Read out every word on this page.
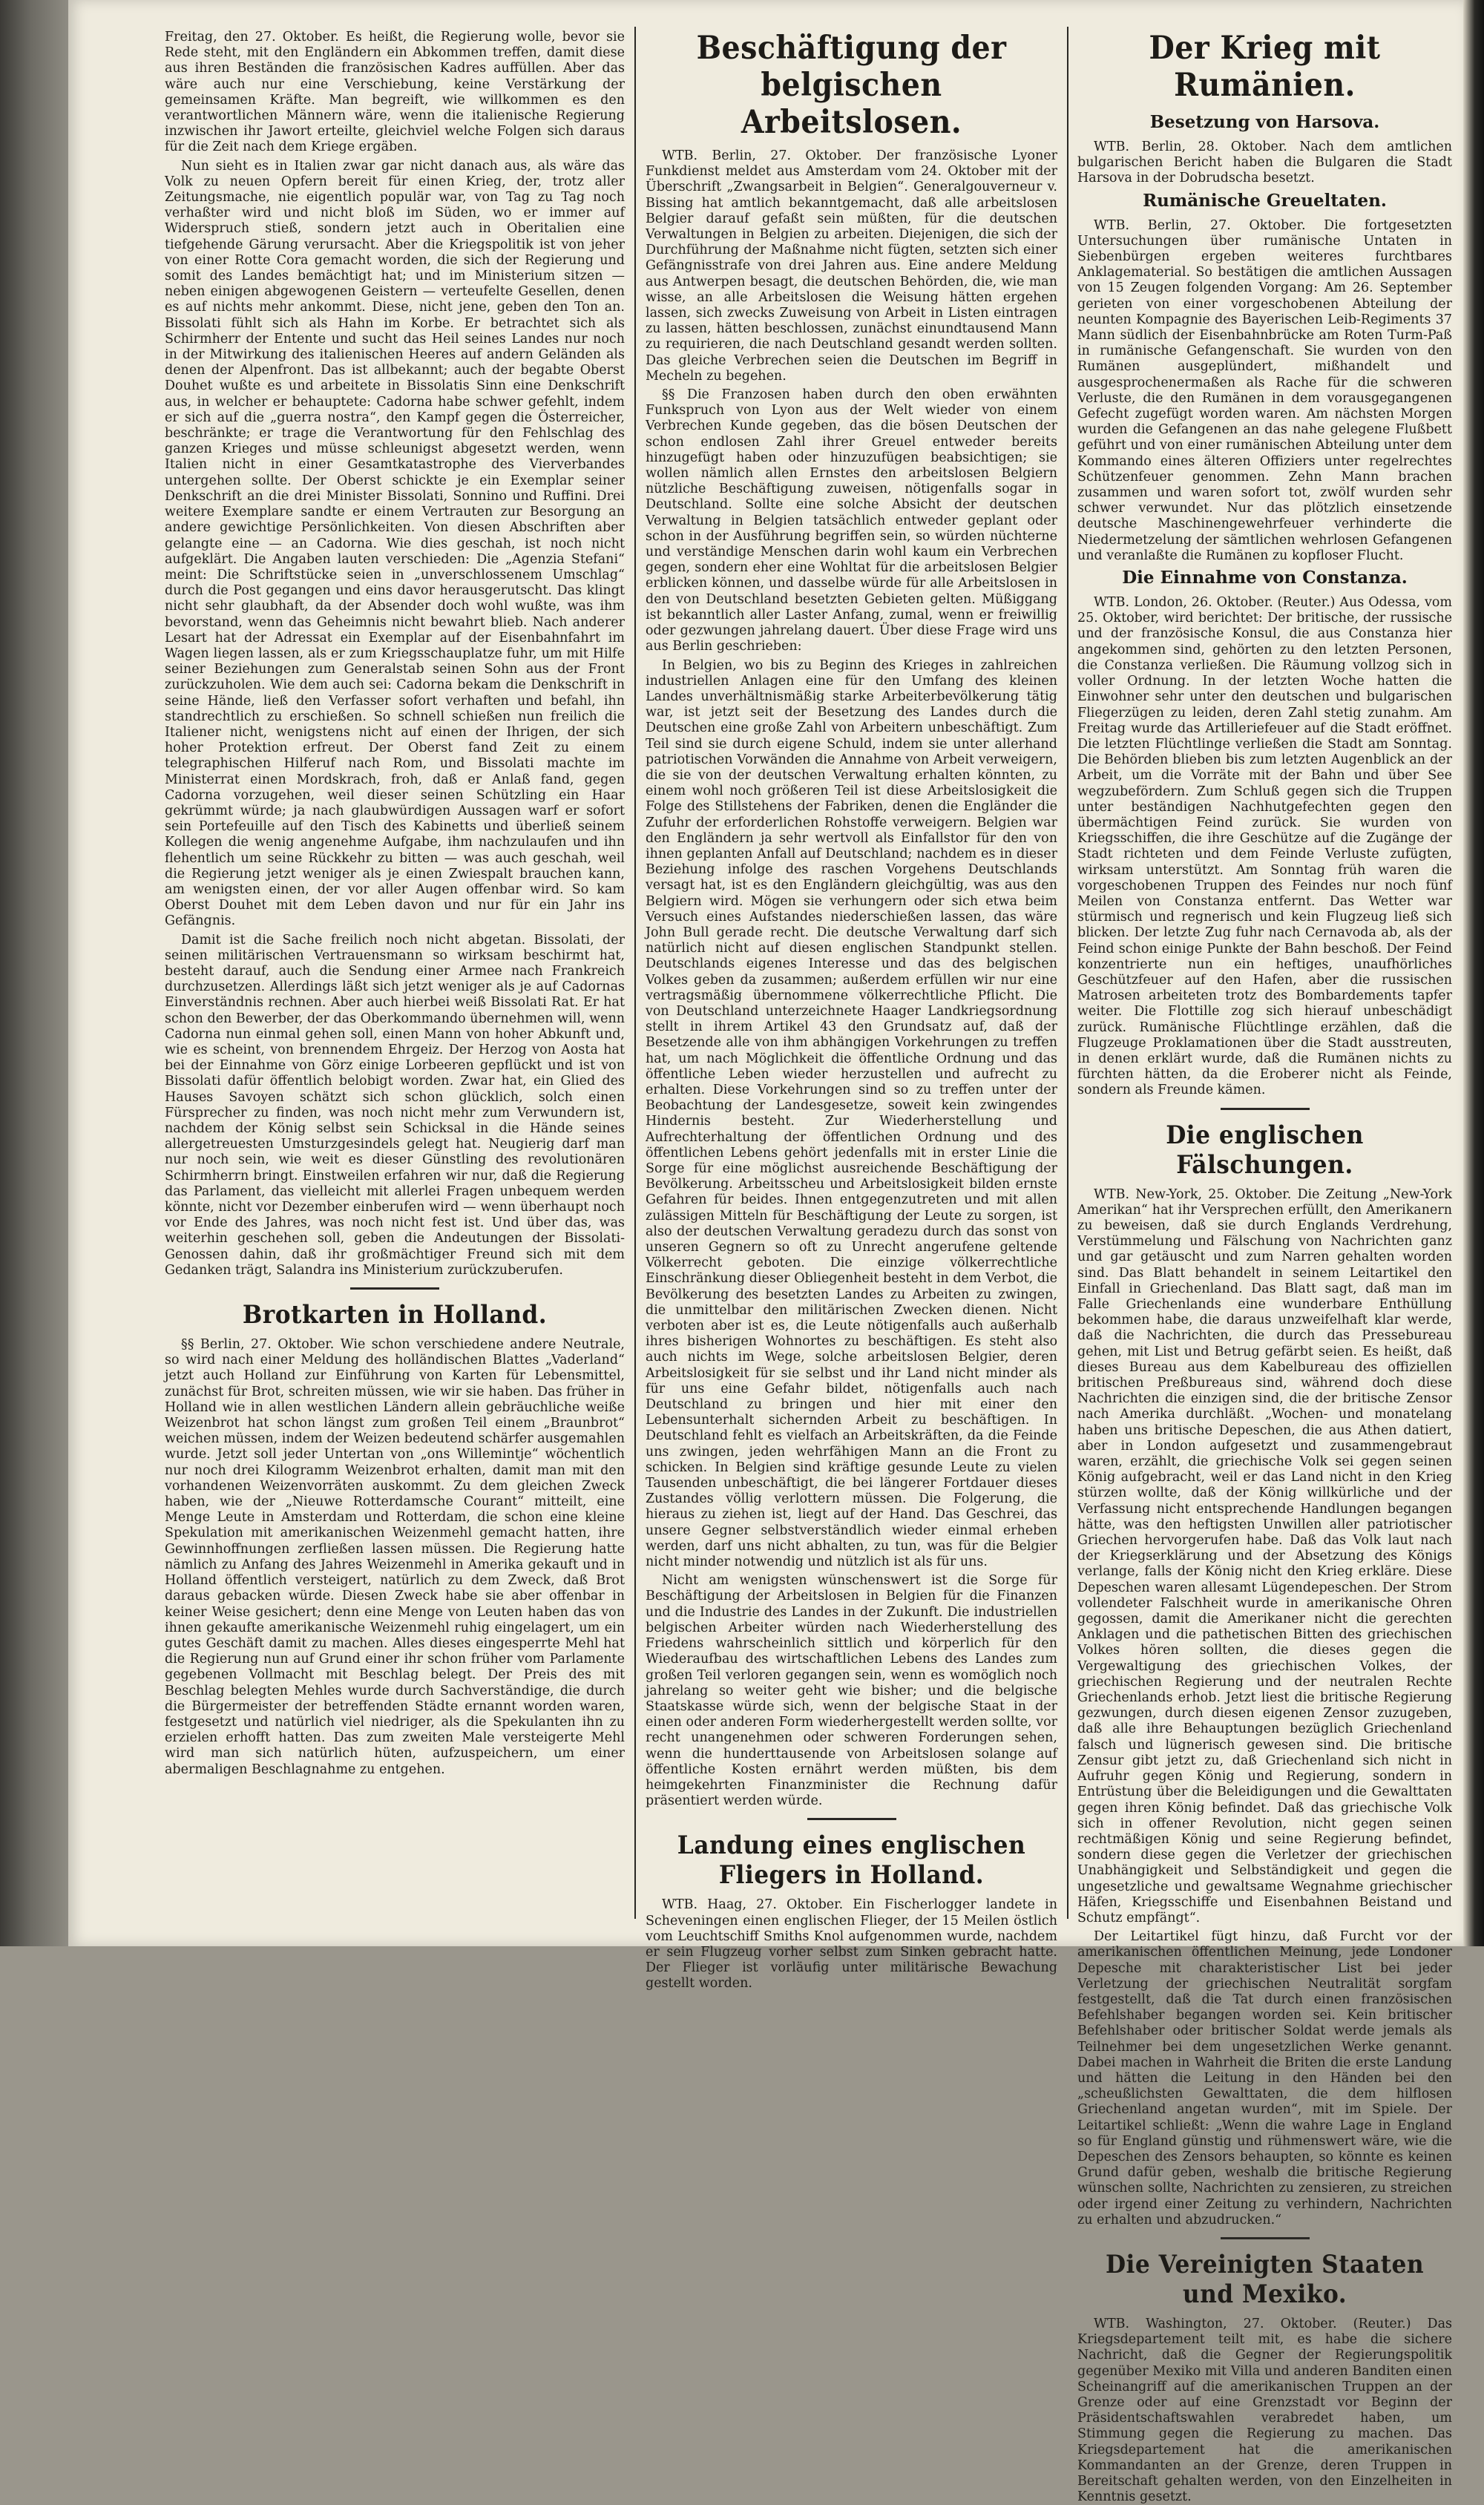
Freitag, den 27. Oktober. Es heißt, die Regierung wolle, bevor sie Rede steht, mit den Engländern ein Abkommen treffen, damit diese aus ihren Beständen die französischen Kadres auffüllen. Aber das wäre auch nur eine Verschiebung, keine Verstärkung der gemeinsamen Kräfte. Man begreift, wie willkommen es den verantwortlichen Männern wäre, wenn die italienische Regierung inzwischen ihr Jawort erteilte, gleichviel welche Folgen sich daraus für die Zeit nach dem Kriege ergäben.

Nun sieht es in Italien zwar gar nicht danach aus, als wäre das Volk zu neuen Opfern bereit für einen Krieg, der, trotz aller Zeitungsmache, nie eigentlich populär war, von Tag zu Tag noch verhaßter wird und nicht bloß im Süden, wo er immer auf Widerspruch stieß, sondern jetzt auch in Oberitalien eine tiefgehende Gärung verursacht. Aber die Kriegspolitik ist von jeher von einer Rotte Cora gemacht worden, die sich der Regierung und somit des Landes bemächtigt hat; und im Ministerium sitzen — neben einigen abgewogenen Geistern — verteufelte Gesellen, denen es auf nichts mehr ankommt. Diese, nicht jene, geben den Ton an. Bissolati fühlt sich als Hahn im Korbe. Er betrachtet sich als Schirmherr der Entente und sucht das Heil seines Landes nur noch in der Mitwirkung des italienischen Heeres auf andern Geländen als denen der Alpenfront. Das ist allbekannt; auch der begabte Oberst Douhet wußte es und arbeitete in Bissolatis Sinn eine Denkschrift aus, in welcher er behauptete: Cadorna habe schwer gefehlt, indem er sich auf die „guerra nostra“, den Kampf gegen die Österreicher, beschränkte; er trage die Verantwortung für den Fehlschlag des ganzen Krieges und müsse schleunigst abgesetzt werden, wenn Italien nicht in einer Gesamtkatastrophe des Vierverbandes untergehen sollte. Der Oberst schickte je ein Exemplar seiner Denkschrift an die drei Minister Bissolati, Sonnino und Ruffini. Drei weitere Exemplare sandte er einem Vertrauten zur Besorgung an andere gewichtige Persönlichkeiten. Von diesen Abschriften aber gelangte eine — an Cadorna. Wie dies geschah, ist noch nicht aufgeklärt. Die Angaben lauten verschieden: Die „Agenzia Stefani“ meint: Die Schriftstücke seien in „unverschlossenem Umschlag“ durch die Post gegangen und eins davor herausgerutscht. Das klingt nicht sehr glaubhaft, da der Absender doch wohl wußte, was ihm bevorstand, wenn das Geheimnis nicht bewahrt blieb. Nach anderer Lesart hat der Adressat ein Exemplar auf der Eisenbahnfahrt im Wagen liegen lassen, als er zum Kriegsschauplatze fuhr, um mit Hilfe seiner Beziehungen zum Generalstab seinen Sohn aus der Front zurückzuholen. Wie dem auch sei: Cadorna bekam die Denkschrift in seine Hände, ließ den Verfasser sofort verhaften und befahl, ihn standrechtlich zu erschießen. So schnell schießen nun freilich die Italiener nicht, wenigstens nicht auf einen der Ihrigen, der sich hoher Protektion erfreut. Der Oberst fand Zeit zu einem telegraphischen Hilferuf nach Rom, und Bissolati machte im Ministerrat einen Mordskrach, froh, daß er Anlaß fand, gegen Cadorna vorzugehen, weil dieser seinen Schützling ein Haar gekrümmt würde; ja nach glaubwürdigen Aussagen warf er sofort sein Portefeuille auf den Tisch des Kabinetts und überließ seinem Kollegen die wenig angenehme Aufgabe, ihm nachzulaufen und ihn flehentlich um seine Rückkehr zu bitten — was auch geschah, weil die Regierung jetzt weniger als je einen Zwiespalt brauchen kann, am wenigsten einen, der vor aller Augen offenbar wird. So kam Oberst Douhet mit dem Leben davon und nur für ein Jahr ins Gefängnis.

Damit ist die Sache freilich noch nicht abgetan. Bissolati, der seinen militärischen Vertrauensmann so wirksam beschirmt hat, besteht darauf, auch die Sendung einer Armee nach Frankreich durchzusetzen. Allerdings läßt sich jetzt weniger als je auf Cadornas Einverständnis rechnen. Aber auch hierbei weiß Bissolati Rat. Er hat schon den Bewerber, der das Oberkommando übernehmen will, wenn Cadorna nun einmal gehen soll, einen Mann von hoher Abkunft und, wie es scheint, von brennendem Ehrgeiz. Der Herzog von Aosta hat bei der Einnahme von Görz einige Lorbeeren gepflückt und ist von Bissolati dafür öffentlich belobigt worden. Zwar hat, ein Glied des Hauses Savoyen schätzt sich schon glücklich, solch einen Fürsprecher zu finden, was noch nicht mehr zum Verwundern ist, nachdem der König selbst sein Schicksal in die Hände seines allergetreuesten Umsturzgesindels gelegt hat. Neugierig darf man nur noch sein, wie weit es dieser Günstling des revolutionären Schirmherrn bringt. Einstweilen erfahren wir nur, daß die Regierung das Parlament, das vielleicht mit allerlei Fragen unbequem werden könnte, nicht vor Dezember einberufen wird — wenn überhaupt noch vor Ende des Jahres, was noch nicht fest ist. Und über das, was weiterhin geschehen soll, geben die Andeutungen der Bissolati-Genossen dahin, daß ihr großmächtiger Freund sich mit dem Gedanken trägt, Salandra ins Ministerium zurückzuberufen.

Brotkarten in Holland.

§§ Berlin, 27. Oktober. Wie schon verschiedene andere Neutrale, so wird nach einer Meldung des holländischen Blattes „Vaderland“ jetzt auch Holland zur Einführung von Karten für Lebensmittel, zunächst für Brot, schreiten müssen, wie wir sie haben. Das früher in Holland wie in allen westlichen Ländern allein gebräuchliche weiße Weizenbrot hat schon längst zum großen Teil einem „Braunbrot“ weichen müssen, indem der Weizen bedeutend schärfer ausgemahlen wurde. Jetzt soll jeder Untertan von „ons Willemintje“ wöchentlich nur noch drei Kilogramm Weizenbrot erhalten, damit man mit den vorhandenen Weizenvorräten auskommt. Zu dem gleichen Zweck haben, wie der „Nieuwe Rotterdamsche Courant“ mitteilt, eine Menge Leute in Amsterdam und Rotterdam, die schon eine kleine Spekulation mit amerikanischen Weizenmehl gemacht hatten, ihre Gewinnhoffnungen zerfließen lassen müssen. Die Regierung hatte nämlich zu Anfang des Jahres Weizenmehl in Amerika gekauft und in Holland öffentlich versteigert, natürlich zu dem Zweck, daß Brot daraus gebacken würde. Diesen Zweck habe sie aber offenbar in keiner Weise gesichert; denn eine Menge von Leuten haben das von ihnen gekaufte amerikanische Weizenmehl ruhig eingelagert, um ein gutes Geschäft damit zu machen. Alles dieses eingesperrte Mehl hat die Regierung nun auf Grund einer ihr schon früher vom Parlamente gegebenen Vollmacht mit Beschlag belegt. Der Preis des mit Beschlag belegten Mehles wurde durch Sachverständige, die durch die Bürgermeister der betreffenden Städte ernannt worden waren, festgesetzt und natürlich viel niedriger, als die Spekulanten ihn zu erzielen erhofft hatten. Das zum zweiten Male versteigerte Mehl wird man sich natürlich hüten, aufzuspeichern, um einer abermaligen Beschlagnahme zu entgehen.

Beschäftigung der belgischen Arbeitslosen.

WTB. Berlin, 27. Oktober. Der französische Lyoner Funkdienst meldet aus Amsterdam vom 24. Oktober mit der Überschrift „Zwangsarbeit in Belgien“. Generalgouverneur v. Bissing hat amtlich bekanntgemacht, daß alle arbeitslosen Belgier darauf gefaßt sein müßten, für die deutschen Verwaltungen in Belgien zu arbeiten. Diejenigen, die sich der Durchführung der Maßnahme nicht fügten, setzten sich einer Gefängnisstrafe von drei Jahren aus. Eine andere Meldung aus Antwerpen besagt, die deutschen Behörden, die, wie man wisse, an alle Arbeitslosen die Weisung hätten ergehen lassen, sich zwecks Zuweisung von Arbeit in Listen eintragen zu lassen, hätten beschlossen, zunächst einundtausend Mann zu requirieren, die nach Deutschland gesandt werden sollten. Das gleiche Verbrechen seien die Deutschen im Begriff in Mecheln zu begehen.

§§ Die Franzosen haben durch den oben erwähnten Funkspruch von Lyon aus der Welt wieder von einem Verbrechen Kunde gegeben, das die bösen Deutschen der schon endlosen Zahl ihrer Greuel entweder bereits hinzugefügt haben oder hinzuzufügen beabsichtigen; sie wollen nämlich allen Ernstes den arbeitslosen Belgiern nützliche Beschäftigung zuweisen, nötigenfalls sogar in Deutschland. Sollte eine solche Absicht der deutschen Verwaltung in Belgien tatsächlich entweder geplant oder schon in der Ausführung begriffen sein, so würden nüchterne und verständige Menschen darin wohl kaum ein Verbrechen gegen, sondern eher eine Wohltat für die arbeitslosen Belgier erblicken können, und dasselbe würde für alle Arbeitslosen in den von Deutschland besetzten Gebieten gelten. Müßiggang ist bekanntlich aller Laster Anfang, zumal, wenn er freiwillig oder gezwungen jahrelang dauert. Über diese Frage wird uns aus Berlin geschrieben:

In Belgien, wo bis zu Beginn des Krieges in zahlreichen industriellen Anlagen eine für den Umfang des kleinen Landes unverhältnismäßig starke Arbeiterbevölkerung tätig war, ist jetzt seit der Besetzung des Landes durch die Deutschen eine große Zahl von Arbeitern unbeschäftigt. Zum Teil sind sie durch eigene Schuld, indem sie unter allerhand patriotischen Vorwänden die Annahme von Arbeit verweigern, die sie von der deutschen Verwaltung erhalten könnten, zu einem wohl noch größeren Teil ist diese Arbeitslosigkeit die Folge des Stillstehens der Fabriken, denen die Engländer die Zufuhr der erforderlichen Rohstoffe verweigern. Belgien war den Engländern ja sehr wertvoll als Einfallstor für den von ihnen geplanten Anfall auf Deutschland; nachdem es in dieser Beziehung infolge des raschen Vorgehens Deutschlands versagt hat, ist es den Engländern gleichgültig, was aus den Belgiern wird. Mögen sie verhungern oder sich etwa beim Versuch eines Aufstandes niederschießen lassen, das wäre John Bull gerade recht. Die deutsche Verwaltung darf sich natürlich nicht auf diesen englischen Standpunkt stellen. Deutschlands eigenes Interesse und das des belgischen Volkes geben da zusammen; außerdem erfüllen wir nur eine vertragsmäßig übernommene völkerrechtliche Pflicht. Die von Deutschland unterzeichnete Haager Landkriegsordnung stellt in ihrem Artikel 43 den Grundsatz auf, daß der Besetzende alle von ihm abhängigen Vorkehrungen zu treffen hat, um nach Möglichkeit die öffentliche Ordnung und das öffentliche Leben wieder herzustellen und aufrecht zu erhalten. Diese Vorkehrungen sind so zu treffen unter der Beobachtung der Landesgesetze, soweit kein zwingendes Hindernis besteht. Zur Wiederherstellung und Aufrechterhaltung der öffentlichen Ordnung und des öffentlichen Lebens gehört jedenfalls mit in erster Linie die Sorge für eine möglichst ausreichende Beschäftigung der Bevölkerung. Arbeitsscheu und Arbeitslosigkeit bilden ernste Gefahren für beides. Ihnen entgegenzutreten und mit allen zulässigen Mitteln für Beschäftigung der Leute zu sorgen, ist also der deutschen Verwaltung geradezu durch das sonst von unseren Gegnern so oft zu Unrecht angerufene geltende Völkerrecht geboten. Die einzige völkerrechtliche Einschränkung dieser Obliegenheit besteht in dem Verbot, die Bevölkerung des besetzten Landes zu Arbeiten zu zwingen, die unmittelbar den militärischen Zwecken dienen. Nicht verboten aber ist es, die Leute nötigenfalls auch außerhalb ihres bisherigen Wohnortes zu beschäftigen. Es steht also auch nichts im Wege, solche arbeitslosen Belgier, deren Arbeitslosigkeit für sie selbst und ihr Land nicht minder als für uns eine Gefahr bildet, nötigenfalls auch nach Deutschland zu bringen und hier mit einer den Lebensunterhalt sichernden Arbeit zu beschäftigen. In Deutschland fehlt es vielfach an Arbeitskräften, da die Feinde uns zwingen, jeden wehrfähigen Mann an die Front zu schicken. In Belgien sind kräftige gesunde Leute zu vielen Tausenden unbeschäftigt, die bei längerer Fortdauer dieses Zustandes völlig verlottern müssen. Die Folgerung, die hieraus zu ziehen ist, liegt auf der Hand. Das Geschrei, das unsere Gegner selbstverständlich wieder einmal erheben werden, darf uns nicht abhalten, zu tun, was für die Belgier nicht minder notwendig und nützlich ist als für uns.

Nicht am wenigsten wünschenswert ist die Sorge für Beschäftigung der Arbeitslosen in Belgien für die Finanzen und die Industrie des Landes in der Zukunft. Die industriellen belgischen Arbeiter würden nach Wiederherstellung des Friedens wahrscheinlich sittlich und körperlich für den Wiederaufbau des wirtschaftlichen Lebens des Landes zum großen Teil verloren gegangen sein, wenn es womöglich noch jahrelang so weiter geht wie bisher; und die belgische Staatskasse würde sich, wenn der belgische Staat in der einen oder anderen Form wiederhergestellt werden sollte, vor recht unangenehmen oder schweren Forderungen sehen, wenn die hunderttausende von Arbeitslosen solange auf öffentliche Kosten ernährt werden müßten, bis dem heimgekehrten Finanzminister die Rechnung dafür präsentiert werden würde.

Landung eines englischen Fliegers in Holland.

WTB. Haag, 27. Oktober. Ein Fischerlogger landete in Scheveningen einen englischen Flieger, der 15 Meilen östlich vom Leuchtschiff Smiths Knol aufgenommen wurde, nachdem er sein Flugzeug vorher selbst zum Sinken gebracht hatte. Der Flieger ist vorläufig unter militärische Bewachung gestellt worden.

Der Krieg mit Rumänien.
Besetzung von Harsova.

WTB. Berlin, 28. Oktober. Nach dem amtlichen bulgarischen Bericht haben die Bulgaren die Stadt Harsova in der Dobrudscha besetzt.

Rumänische Greueltaten.

WTB. Berlin, 27. Oktober. Die fortgesetzten Untersuchungen über rumänische Untaten in Siebenbürgen ergeben weiteres furchtbares Anklagematerial. So bestätigen die amtlichen Aussagen von 15 Zeugen folgenden Vorgang: Am 26. September gerieten von einer vorgeschobenen Abteilung der neunten Kompagnie des Bayerischen Leib-Regiments 37 Mann südlich der Eisenbahnbrücke am Roten Turm-Paß in rumänische Gefangenschaft. Sie wurden von den Rumänen ausgeplündert, mißhandelt und ausgesprochenermaßen als Rache für die schweren Verluste, die den Rumänen in dem vorausgegangenen Gefecht zugefügt worden waren. Am nächsten Morgen wurden die Gefangenen an das nahe gelegene Flußbett geführt und von einer rumänischen Abteilung unter dem Kommando eines älteren Offiziers unter regelrechtes Schützenfeuer genommen. Zehn Mann brachen zusammen und waren sofort tot, zwölf wurden sehr schwer verwundet. Nur das plötzlich einsetzende deutsche Maschinengewehrfeuer verhinderte die Niedermetzelung der sämtlichen wehrlosen Gefangenen und veranlaßte die Rumänen zu kopfloser Flucht.

Die Einnahme von Constanza.

WTB. London, 26. Oktober. (Reuter.) Aus Odessa, vom 25. Oktober, wird berichtet: Der britische, der russische und der französische Konsul, die aus Constanza hier angekommen sind, gehörten zu den letzten Personen, die Constanza verließen. Die Räumung vollzog sich in voller Ordnung. In der letzten Woche hatten die Einwohner sehr unter den deutschen und bulgarischen Fliegerzügen zu leiden, deren Zahl stetig zunahm. Am Freitag wurde das Artilleriefeuer auf die Stadt eröffnet. Die letzten Flüchtlinge verließen die Stadt am Sonntag. Die Behörden blieben bis zum letzten Augenblick an der Arbeit, um die Vorräte mit der Bahn und über See wegzubefördern. Zum Schluß gegen sich die Truppen unter beständigen Nachhutgefechten gegen den übermächtigen Feind zurück. Sie wurden von Kriegsschiffen, die ihre Geschütze auf die Zugänge der Stadt richteten und dem Feinde Verluste zufügten, wirksam unterstützt. Am Sonntag früh waren die vorgeschobenen Truppen des Feindes nur noch fünf Meilen von Constanza entfernt. Das Wetter war stürmisch und regnerisch und kein Flugzeug ließ sich blicken. Der letzte Zug fuhr nach Cernavoda ab, als der Feind schon einige Punkte der Bahn beschoß. Der Feind konzentrierte nun ein heftiges, unaufhörliches Geschützfeuer auf den Hafen, aber die russischen Matrosen arbeiteten trotz des Bombardements tapfer weiter. Die Flottille zog sich hierauf unbeschädigt zurück. Rumänische Flüchtlinge erzählen, daß die Flugzeuge Proklamationen über die Stadt ausstreuten, in denen erklärt wurde, daß die Rumänen nichts zu fürchten hätten, da die Eroberer nicht als Feinde, sondern als Freunde kämen.

Die englischen Fälschungen.

WTB. New-York, 25. Oktober. Die Zeitung „New-York Amerikan“ hat ihr Versprechen erfüllt, den Amerikanern zu beweisen, daß sie durch Englands Verdrehung, Verstümmelung und Fälschung von Nachrichten ganz und gar getäuscht und zum Narren gehalten worden sind. Das Blatt behandelt in seinem Leitartikel den Einfall in Griechenland. Das Blatt sagt, daß man im Falle Griechenlands eine wunderbare Enthüllung bekommen habe, die daraus unzweifelhaft klar werde, daß die Nachrichten, die durch das Pressebureau gehen, mit List und Betrug gefärbt seien. Es heißt, daß dieses Bureau aus dem Kabelbureau des offiziellen britischen Preßbureaus sind, während doch diese Nachrichten die einzigen sind, die der britische Zensor nach Amerika durchläßt. „Wochen- und monatelang haben uns britische Depeschen, die aus Athen datiert, aber in London aufgesetzt und zusammengebraut waren, erzählt, die griechische Volk sei gegen seinen König aufgebracht, weil er das Land nicht in den Krieg stürzen wollte, daß der König willkürliche und der Verfassung nicht entsprechende Handlungen begangen hätte, was den heftigsten Unwillen aller patriotischer Griechen hervorgerufen habe. Daß das Volk laut nach der Kriegserklärung und der Absetzung des Königs verlange, falls der König nicht den Krieg erkläre. Diese Depeschen waren allesamt Lügendepeschen. Der Strom vollendeter Falschheit wurde in amerikanische Ohren gegossen, damit die Amerikaner nicht die gerechten Anklagen und die pathetischen Bitten des griechischen Volkes hören sollten, die dieses gegen die Vergewaltigung des griechischen Volkes, der griechischen Regierung und der neutralen Rechte Griechenlands erhob. Jetzt liest die britische Regierung gezwungen, durch diesen eigenen Zensor zuzugeben, daß alle ihre Behauptungen bezüglich Griechenland falsch und lügnerisch gewesen sind. Die britische Zensur gibt jetzt zu, daß Griechenland sich nicht in Aufruhr gegen König und Regierung, sondern in Entrüstung über die Beleidigungen und die Gewalttaten gegen ihren König befindet. Daß das griechische Volk sich in offener Revolution, nicht gegen seinen rechtmäßigen König und seine Regierung befindet, sondern diese gegen die Verletzer der griechischen Unabhängigkeit und Selbständigkeit und gegen die ungesetzliche und gewaltsame Wegnahme griechischer Häfen, Kriegsschiffe und Eisenbahnen Beistand und Schutz empfängt“.

Der Leitartikel fügt hinzu, daß Furcht vor der amerikanischen öffentlichen Meinung, jede Londoner Depesche mit charakteristischer List bei jeder Verletzung der griechischen Neutralität sorgfam festgestellt, daß die Tat durch einen französischen Befehlshaber begangen worden sei. Kein britischer Befehlshaber oder britischer Soldat werde jemals als Teilnehmer bei dem ungesetzlichen Werke genannt. Dabei machen in Wahrheit die Briten die erste Landung und hätten die Leitung in den Händen bei den „scheußlichsten Gewalttaten, die dem hilflosen Griechenland angetan wurden“, mit im Spiele. Der Leitartikel schließt: „Wenn die wahre Lage in England so für England günstig und rühmenswert wäre, wie die Depeschen des Zensors behaupten, so könnte es keinen Grund dafür geben, weshalb die britische Regierung wünschen sollte, Nachrichten zu zensieren, zu streichen oder irgend einer Zeitung zu verhindern, Nachrichten zu erhalten und abzudrucken.“

Die Vereinigten Staaten und Mexiko.

WTB. Washington, 27. Oktober. (Reuter.) Das Kriegsdepartement teilt mit, es habe die sichere Nachricht, daß die Gegner der Regierungspolitik gegenüber Mexiko mit Villa und anderen Banditen einen Scheinangriff auf die amerikanischen Truppen an der Grenze oder auf eine Grenzstadt vor Beginn der Präsidentschaftswahlen verabredet haben, um Stimmung gegen die Regierung zu machen. Das Kriegsdepartement hat die amerikanischen Kommandanten an der Grenze, deren Truppen in Bereitschaft gehalten werden, von den Einzelheiten in Kenntnis gesetzt.
